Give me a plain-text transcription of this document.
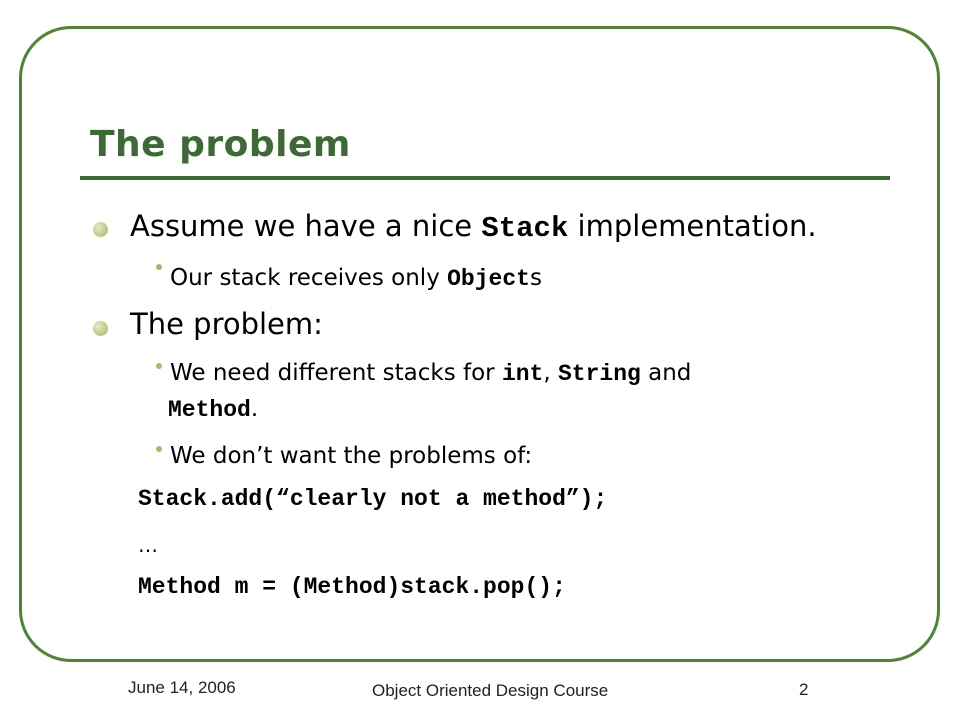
The problem
Assume we have a nice Stack implementation.
Our stack receives only Objects
The problem:
We need different stacks for int, String and
Method.
We don’t want the problems of:
Stack.add(“clearly not a method”);
…
Method m = (Method)stack.pop();
June 14, 2006	Object Oriented Design Course	2
